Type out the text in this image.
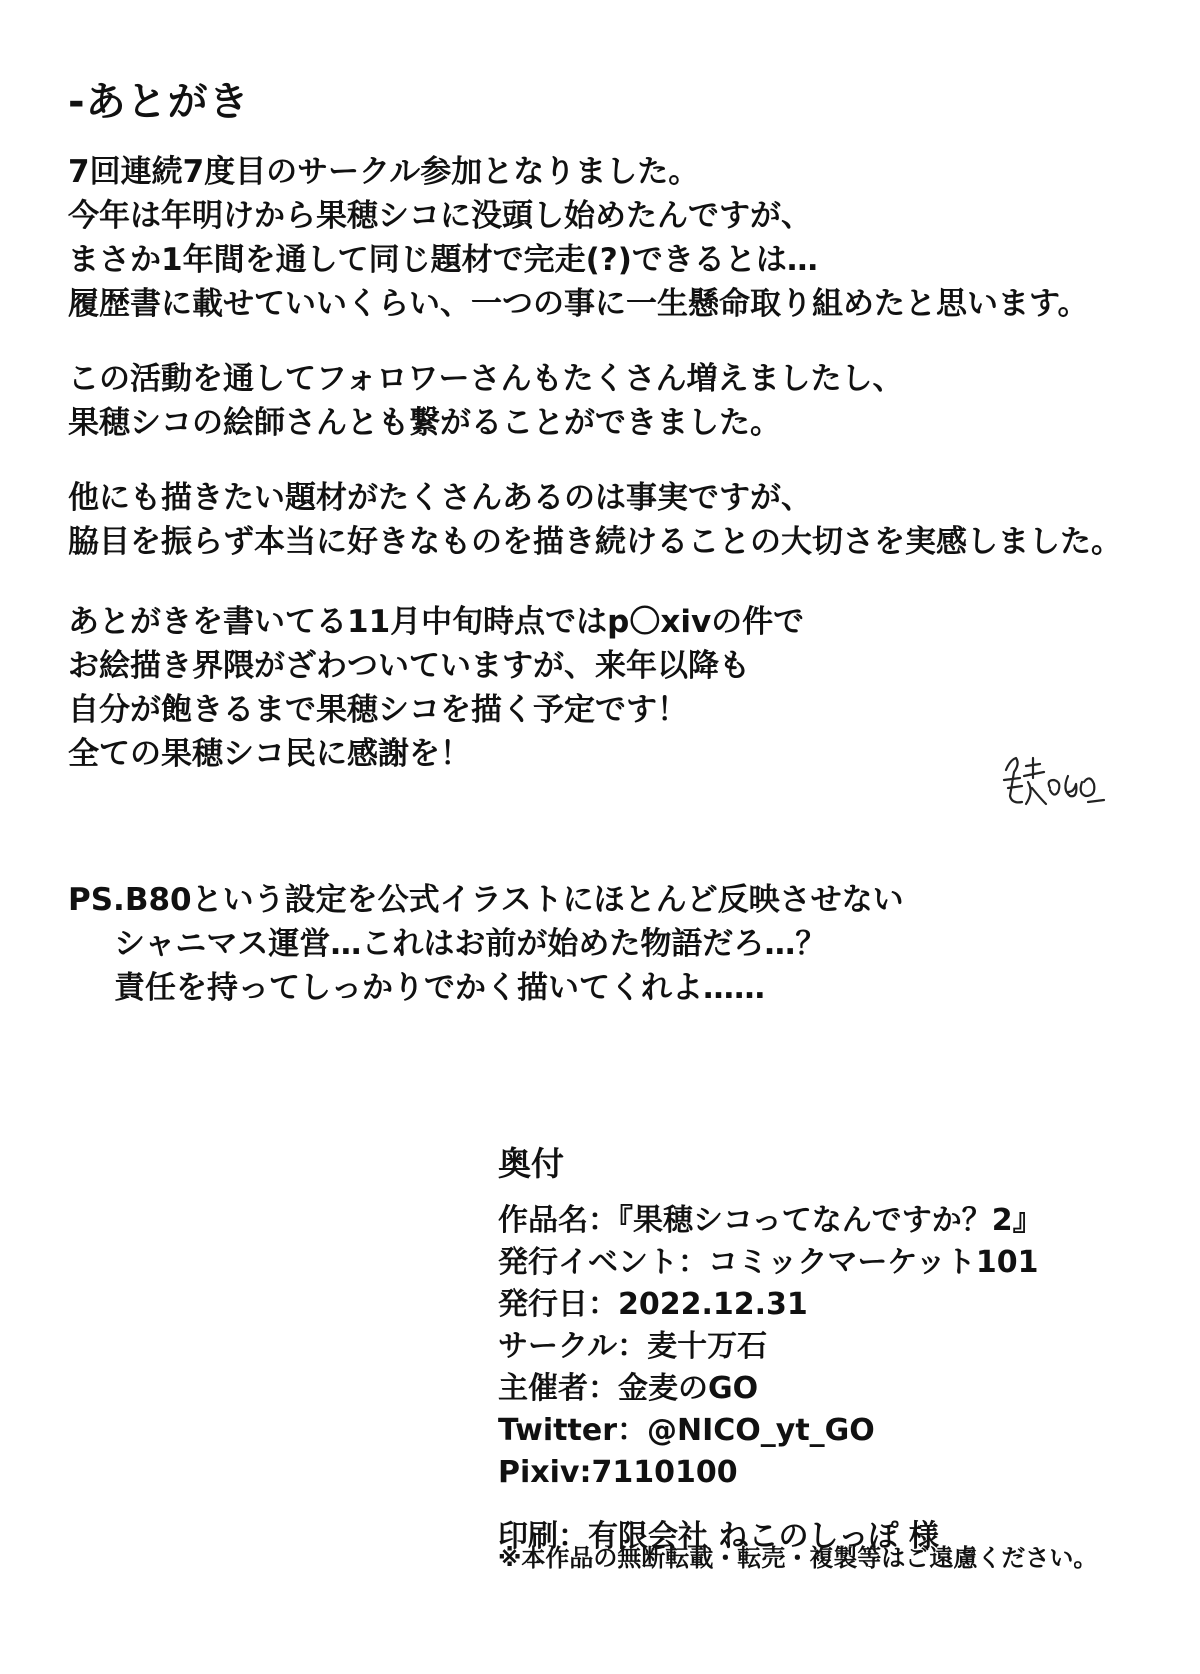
-あとがき

7回連続7度目のサークル参加となりました。
今年は年明けから果穂シコに没頭し始めたんですが、
まさか1年間を通して同じ題材で完走(?)できるとは…
履歴書に載せていいくらい、一つの事に一生懸命取り組めたと思います。

この活動を通してフォロワーさんもたくさん増えましたし、
果穂シコの絵師さんとも繋がることができました。

他にも描きたい題材がたくさんあるのは事実ですが、
脇目を振らず本当に好きなものを描き続けることの大切さを実感しました。

あとがきを書いてる11月中旬時点ではp〇xivの件で
お絵描き界隈がざわついていますが、来年以降も
自分が飽きるまで果穂シコを描く予定です！
全ての果穂シコ民に感謝を！

PS.B80という設定を公式イラストにほとんど反映させない
シャニマス運営…これはお前が始めた物語だろ…？
責任を持ってしっかりでかく描いてくれよ……

奥付
作品名：『果穂シコってなんですか？2』
発行イベント：コミックマーケット101
発行日：2022.12.31
サークル：麦十万石
主催者：金麦のGO
Twitter：@NICO_yt_GO
Pixiv:7110100
印刷：有限会社 ねこのしっぽ 様
※本作品の無断転載・転売・複製等はご遠慮ください。
